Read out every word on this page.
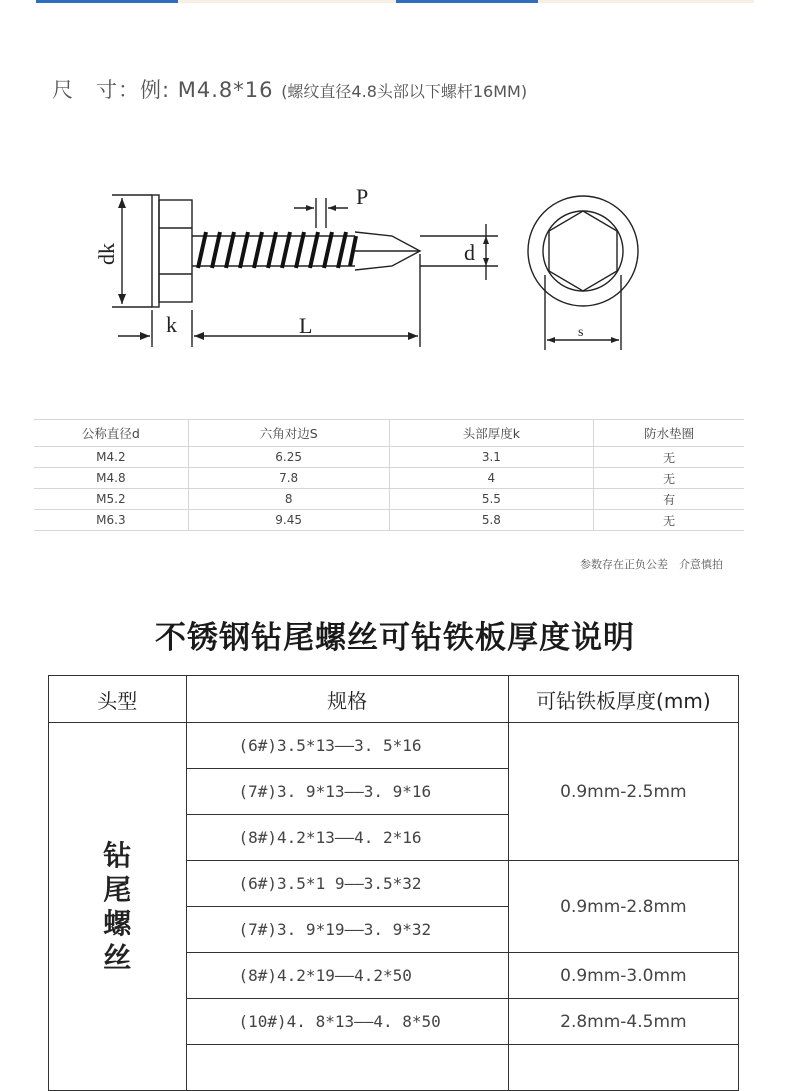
尺　寸：例: M4.8*16 (螺纹直径4.8头部以下螺杆16MM)
dk
k	L
P
d
s
公称直径d	六角对边S	头部厚度k	防水垫圈
M4.2	6.25	3.1	无
M4.8	7.8	4	无
M5.2	8	5.5	有
M6.3	9.45	5.8	无
参数存在正负公差　介意慎拍
不锈钢钻尾螺丝可钻铁板厚度说明
头型	规格	可钻铁板厚度(mm)

钻
尾
螺
丝	(6#)3.5*13——3. 5*16	0.9mm-2.5mm
	(7#)3. 9*13——3. 9*16	
	(8#)4.2*13——4. 2*16	
	(6#)3.5*1 9——3.5*32	0.9mm-2.8mm
	(7#)3. 9*19——3. 9*32	
	(8#)4.2*19——4.2*50	0.9mm-3.0mm
	(10#)4. 8*13——4. 8*50	2.8mm-4.5mm
